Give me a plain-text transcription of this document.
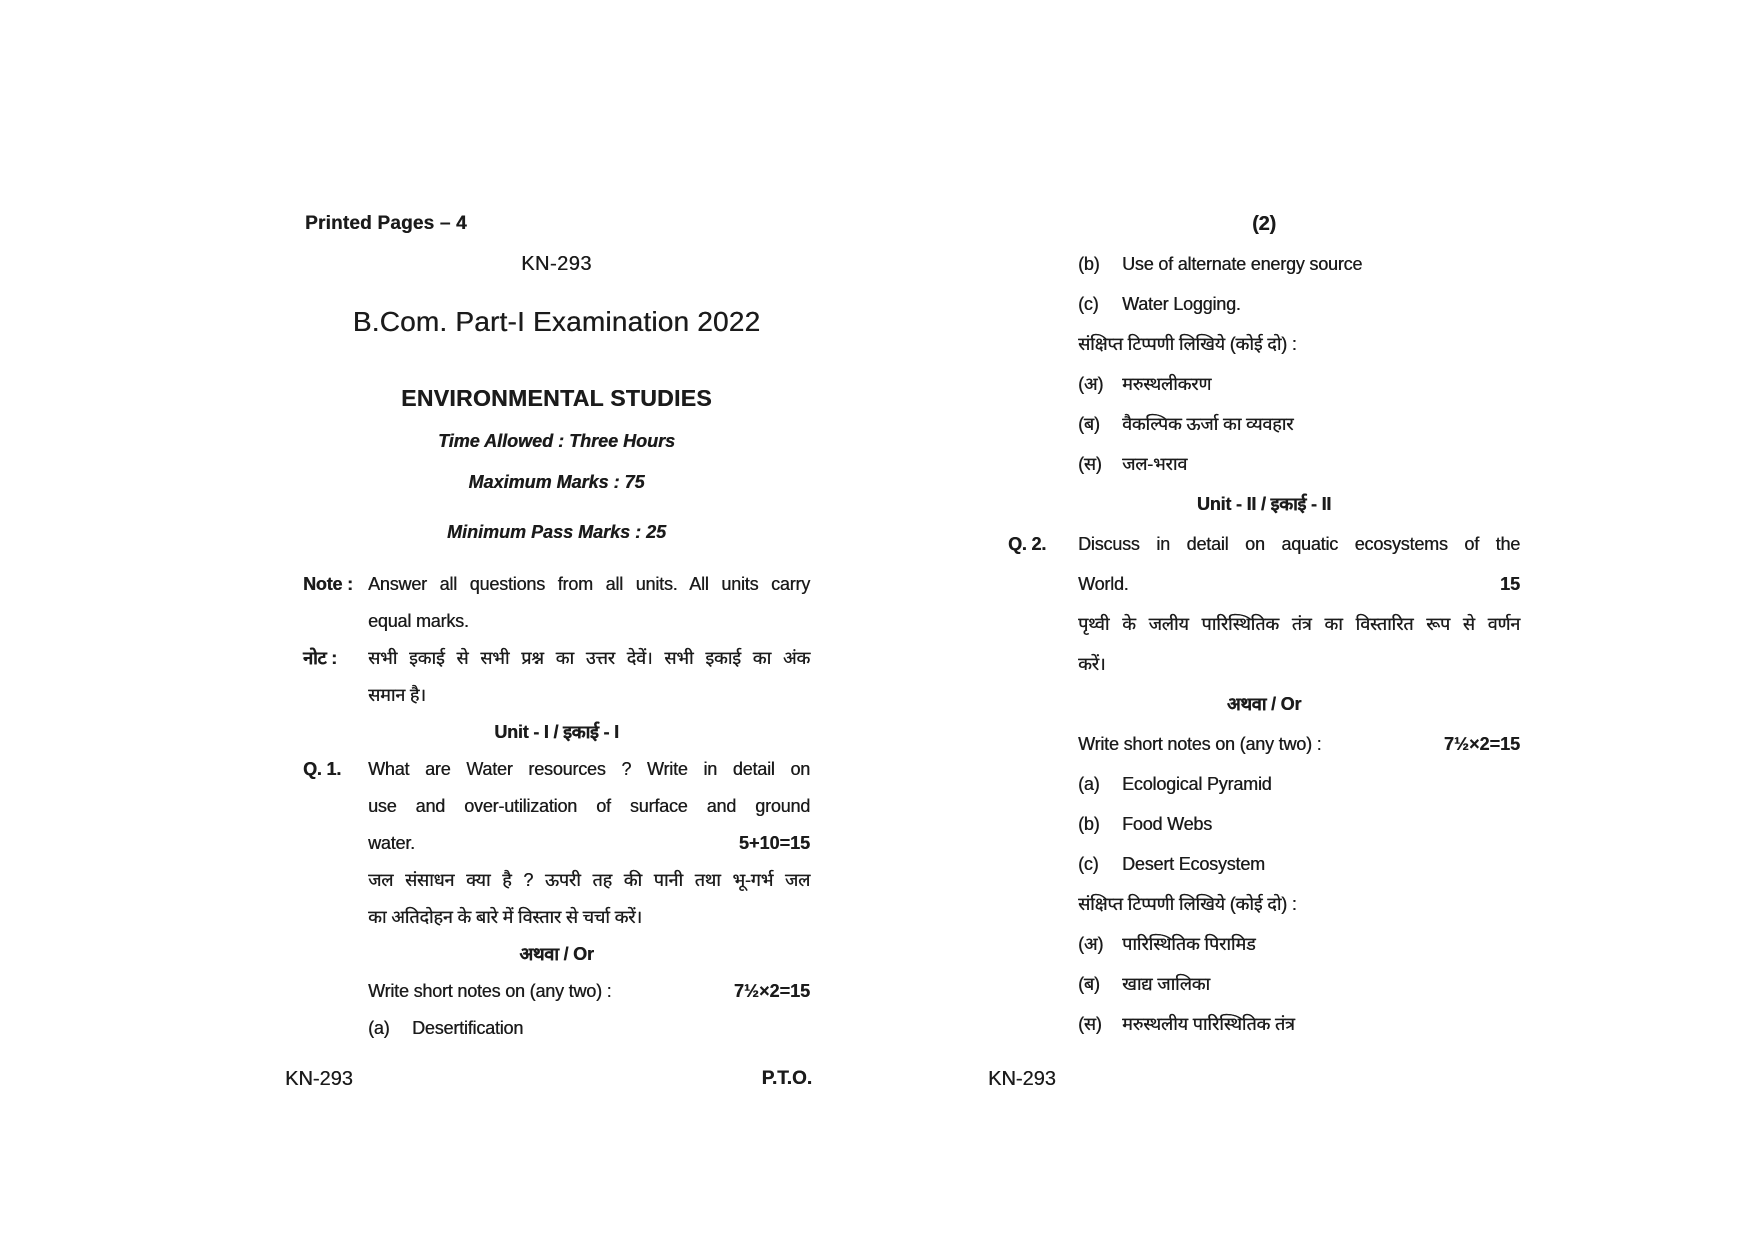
Printed Pages – 4
KN-293
B.Com. Part-I Examination 2022
ENVIRONMENTAL STUDIES
Time Allowed : Three Hours
Maximum Marks : 75
Minimum Pass Marks : 25
Note : Answer all questions from all units. All units carry
equal marks.
नोट : सभी इकाई से सभी प्रश्न का उत्तर देवें। सभी इकाई का अंक
समान है।
Unit - I / इकाई - I
Q. 1. What are Water resources ? Write in detail on
use and over-utilization of surface and ground
water.	5+10=15
जल संसाधन क्या है ? ऊपरी तह की पानी तथा भू-गर्भ जल
का अतिदोहन के बारे में विस्तार से चर्चा करें।
अथवा / Or
Write short notes on (any two) :	7½×2=15
(a) Desertification
KN-293	P.T.O.
(2)
(b) Use of alternate energy source
(c) Water Logging.
संक्षिप्त टिप्पणी लिखिये (कोई दो) :
(अ) मरुस्थलीकरण
(ब) वैकल्पिक ऊर्जा का व्यवहार
(स) जल-भराव
Unit - II / इकाई - II
Q. 2. Discuss in detail on aquatic ecosystems of the
World.	15
पृथ्वी के जलीय पारिस्थितिक तंत्र का विस्तारित रूप से वर्णन
करें।
अथवा / Or
Write short notes on (any two) :	7½×2=15
(a) Ecological Pyramid
(b) Food Webs
(c) Desert Ecosystem
संक्षिप्त टिप्पणी लिखिये (कोई दो) :
(अ) पारिस्थितिक पिरामिड
(ब) खाद्य जालिका
(स) मरुस्थलीय पारिस्थितिक तंत्र
KN-293
